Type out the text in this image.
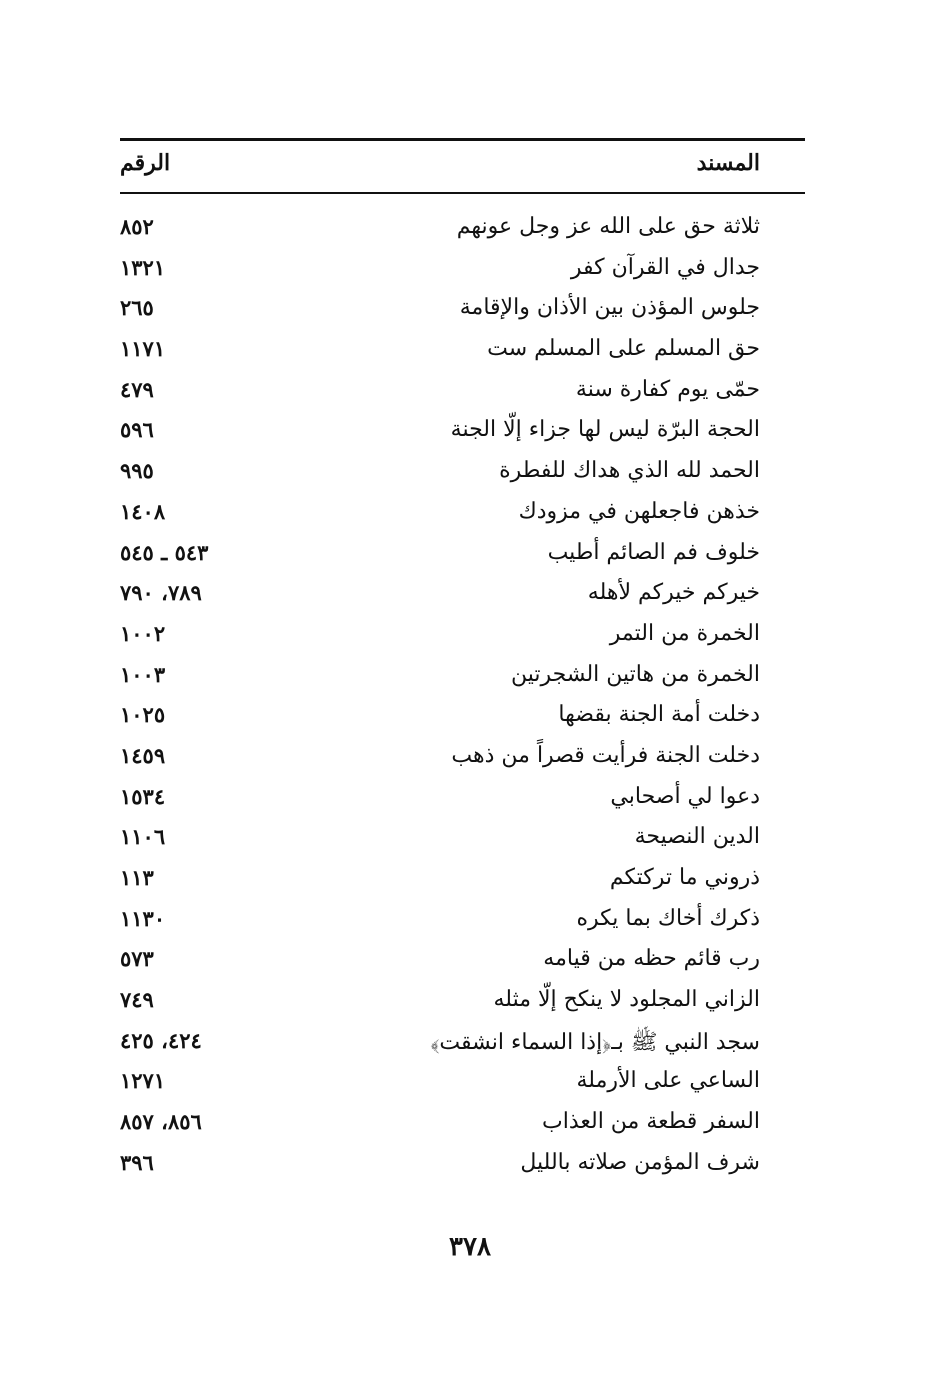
المسند
الرقم
ثلاثة حق على الله عز وجل عونهم
٨٥٢
جدال في القرآن كفر
١٣٢١
جلوس المؤذن بين الأذان والإقامة
٢٦٥
حق المسلم على المسلم ست
١١٧١
حمّى يوم كفارة سنة
٤٧٩
الحجة البرّة ليس لها جزاء إلّا الجنة
٥٩٦
الحمد لله الذي هداك للفطرة
٩٩٥
خذهن فاجعلهن في مزودك
١٤٠٨
خلوف فم الصائم أطيب
٥٤٣ ـ ٥٤٥
خيركم خيركم لأهله
٧٨٩، ٧٩٠
الخمرة من التمر
١٠٠٢
الخمرة من هاتين الشجرتين
١٠٠٣
دخلت أمة الجنة بقضها
١٠٢٥
دخلت الجنة فرأيت قصراً من ذهب
١٤٥٩
دعوا لي أصحابي
١٥٣٤
الدين النصيحة
١١٠٦
ذروني ما تركتكم
١١٣
ذكرك أخاك بما يكره
١١٣٠
رب قائم حظه من قيامه
٥٧٣
الزاني المجلود لا ينكح إلّا مثله
٧٤٩
سجد النبي ﷺ بـ﴿إذا السماء انشقت﴾
٤٢٤، ٤٢٥
الساعي على الأرملة
١٢٧١
السفر قطعة من العذاب
٨٥٦، ٨٥٧
شرف المؤمن صلاته بالليل
٣٩٦
٣٧٨
